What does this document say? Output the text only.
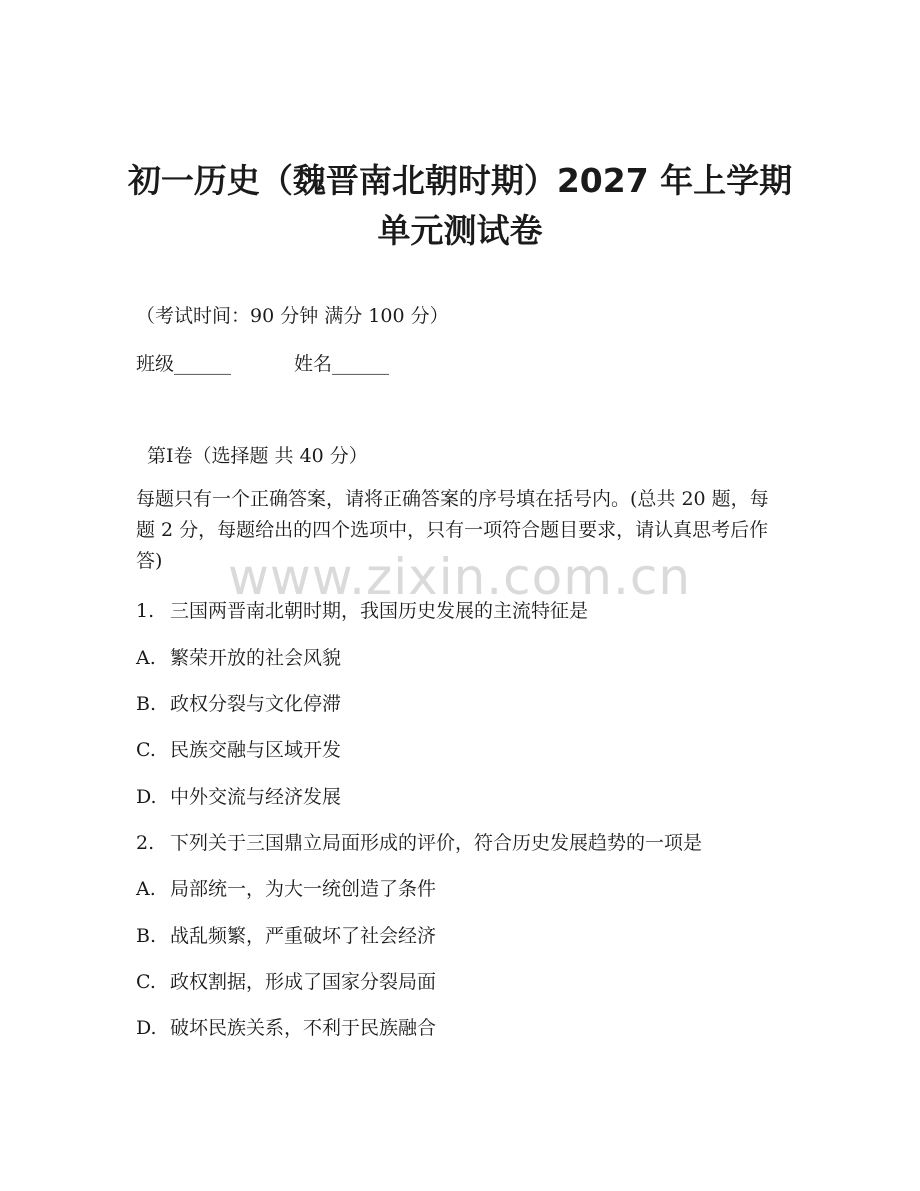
初一历史（魏晋南北朝时期）2027 年上学期
单元测试卷

（考试时间：90 分钟 满分 100 分）

班级______	姓名______

第Ⅰ卷（选择题 共 40 分）

每题只有一个正确答案，请将正确答案的序号填在括号内。(总共 20 题，每题 2 分，每题给出的四个选项中，只有一项符合题目要求，请认真思考后作答)	www.zixin.com.cn

1. 三国两晋南北朝时期，我国历史发展的主流特征是

A. 繁荣开放的社会风貌

B. 政权分裂与文化停滞

C. 民族交融与区域开发

D. 中外交流与经济发展

2. 下列关于三国鼎立局面形成的评价，符合历史发展趋势的一项是

A. 局部统一，为大一统创造了条件

B. 战乱频繁，严重破坏了社会经济

C. 政权割据，形成了国家分裂局面

D. 破坏民族关系，不利于民族融合
